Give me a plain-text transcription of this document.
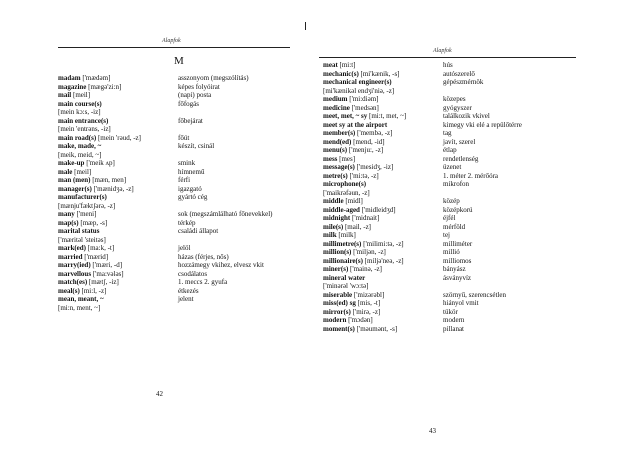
Alapfok
M
madam ['mædəm]	asszonyom (megszólítás)
magazine [mægə'zi:n]	képes folyóirat
mail [meil]	(napi) posta
main course(s)	főfogás
[mein kɔ:s, -iz]
main entrance(s)	főbejárat
[mein 'entrəns, -iz]
main road(s) [mein 'rəud, -z]	főút
make, made, ~	készít, csinál
[meik, meid, ~]
make-up ['meik ʌp]	smink
male [meil]	hímnemű
man (men) [mæn, men]	férfi
manager(s) ['mænidʒə, -z]	igazgató
manufacturer(s)	gyártó cég
[mænju'fæktʃərə, -z]
many ['meni]	sok (megszámlálható főnevekkel)
map(s) [mæp, -s]	térkép
marital status	családi állapot
['mæritəl 'steitəs]
mark(ed) [ma:k, -t]	jelöl
married ['mærid]	házas (férjes, nős)
marry(ied) ['mæri, -d]	hozzámegy vkihez, elvesz vkit
marvellous ['ma:vələs]	csodálatos
match(es) [mætʃ, -iz]	1. meccs 2. gyufa
meal(s) [mi:l, -z]	étkezés
mean, meant, ~	jelent
[mi:n, ment, ~]
42
Alapfok
meat [mi:t]	hús
mechanic(s) [mi'kænik, -s]	autószerelő
mechanical engineer(s)	gépészmérnök
[mi'kænikəl endʒi'niə, -z]
medium ['mi:diəm]	közepes
medicine ['medsən]	gyógyszer
meet, met, ~ sy [mi:t, met, ~]	találkozik vkivel
meet sy at the airport	kimegy vki elé a repülőtérre
member(s) ['membə, -z]	tag
mend(ed) [mend, -id]	javít, szerel
menu(s) ['menju:, -z]	étlap
mess [mes]	rendetlenség
message(s) ['mesidʒ, -iz]	üzenet
metre(s) ['mi:tə, -z]	1. méter 2. mérőóra
microphone(s)	mikrofon
['maikrəfəun, -z]
middle [midl]	közép
middle-aged ['midleidʒd]	középkorú
midnight ['midnait]	éjfél
mile(s) [mail, -z]	mérföld
milk [milk]	tej
millimetre(s) ['milimi:tə, -z]	milliméter
million(s) ['miljən, -z]	millió
millionaire(s) [miljə'neə, -z]	milliomos
miner(s) ['mainə, -z]	bányász
mineral water	ásványvíz
['minərəl 'wɔ:tə]
miserable ['mizərəbl]	szörnyű, szerencsétlen
miss(ed) sg [mis, -t]	hiányol vmit
mirror(s) ['mirə, -z]	tükör
modern ['mɔdən]	modern
moment(s) ['məumənt, -s]	pillanat
43
